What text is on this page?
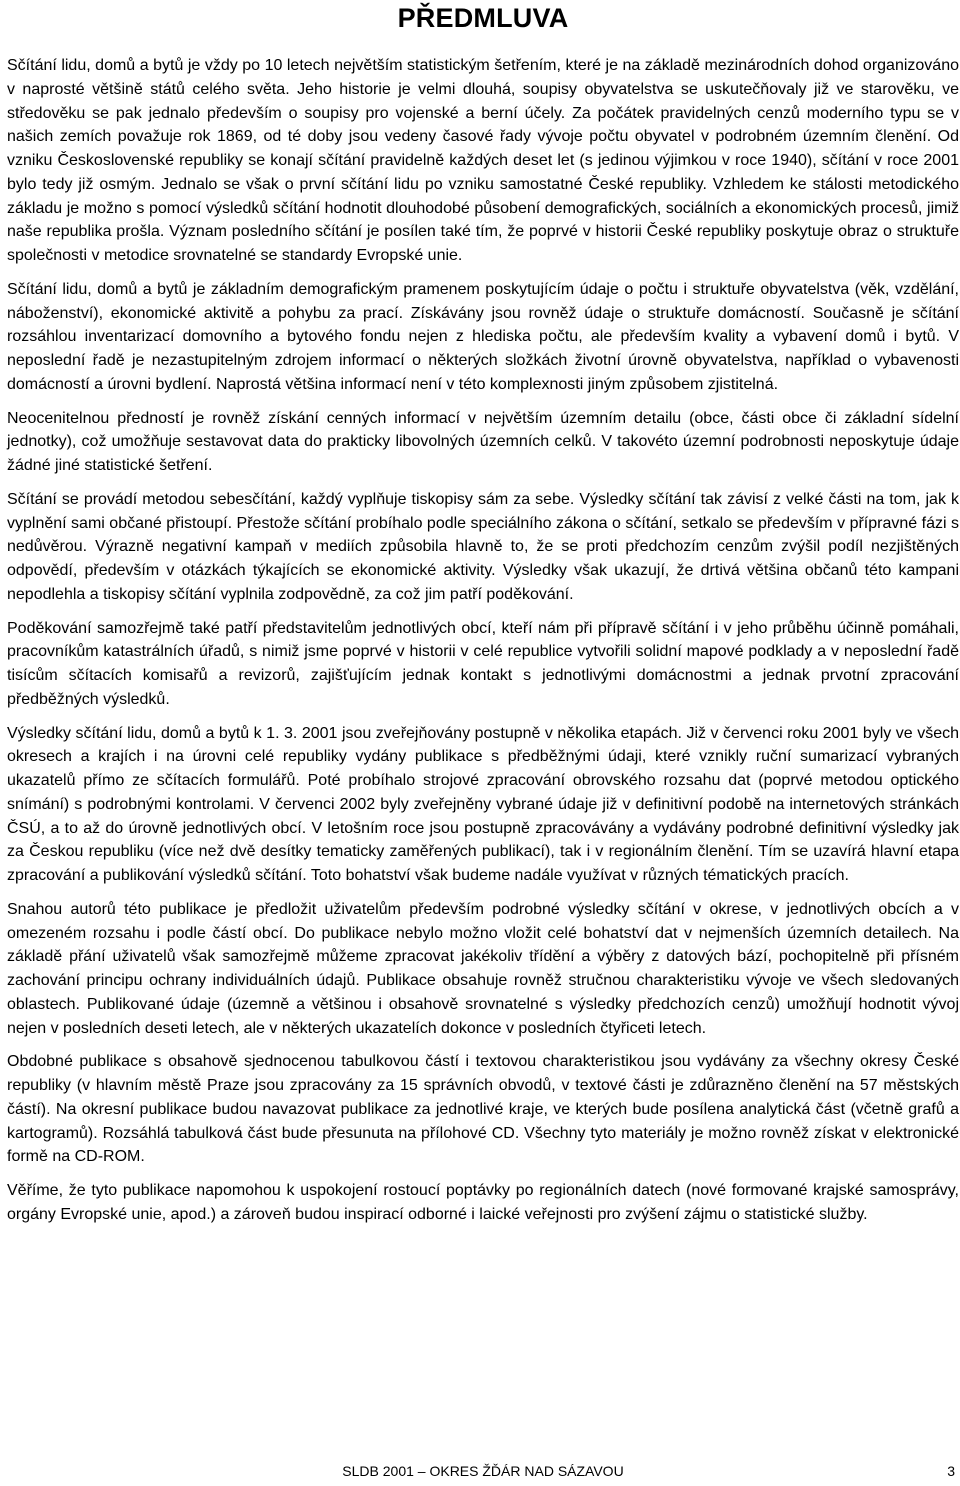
PŘEDMLUVA

Sčítání lidu, domů a bytů je vždy po 10 letech největším statistickým šetřením, které je na základě mezinárodních dohod organizováno v naprosté většině států celého světa. Jeho historie je velmi dlouhá, soupisy obyvatelstva se uskutečňovaly již ve starověku, ve středověku se pak jednalo především o soupisy pro vojenské a berní účely. Za počátek pravidelných cenzů moderního typu se v našich zemích považuje rok 1869, od té doby jsou vedeny časové řady vývoje počtu obyvatel v podrobném územním členění. Od vzniku Československé republiky se konají sčítání pravidelně každých deset let (s jedinou výjimkou v roce 1940), sčítání v roce 2001 bylo tedy již osmým. Jednalo se však o první sčítání lidu po vzniku samostatné České republiky. Vzhledem ke stálosti metodického základu je možno s pomocí výsledků sčítání hodnotit dlouhodobé působení demografických, sociálních a ekonomických procesů, jimiž naše republika prošla. Význam posledního sčítání je posílen také tím, že poprvé v historii České republiky poskytuje obraz o struktuře společnosti v metodice srovnatelné se standardy Evropské unie.

Sčítání lidu, domů a bytů je základním demografickým pramenem poskytujícím údaje o počtu i struktuře obyvatelstva (věk, vzdělání, náboženství), ekonomické aktivitě a pohybu za prací. Získávány jsou rovněž údaje o struktuře domácností. Současně je sčítání rozsáhlou inventarizací domovního a bytového fondu nejen z hlediska počtu, ale především kvality a vybavení domů i bytů. V neposlední řadě je nezastupitelným zdrojem informací o některých složkách životní úrovně obyvatelstva, například o vybavenosti domácností a úrovni bydlení. Naprostá většina informací není v této komplexnosti jiným způsobem zjistitelná.

Neocenitelnou předností je rovněž získání cenných informací v největším územním detailu (obce, části obce či základní sídelní jednotky), což umožňuje sestavovat data do prakticky libovolných územních celků. V takovéto územní podrobnosti neposkytuje údaje žádné jiné statistické šetření.

Sčítání se provádí metodou sebesčítání, každý vyplňuje tiskopisy sám za sebe. Výsledky sčítání tak závisí z velké části na tom, jak k vyplnění sami občané přistoupí. Přestože sčítání probíhalo podle speciálního zákona o sčítání, setkalo se především v přípravné fázi s nedůvěrou. Výrazně negativní kampaň v mediích způsobila hlavně to, že se proti předchozím cenzům zvýšil podíl nezjištěných odpovědí, především v otázkách týkajících se ekonomické aktivity. Výsledky však ukazují, že drtivá většina občanů této kampani nepodlehla a tiskopisy sčítání vyplnila zodpovědně, za což jim patří poděkování.

Poděkování samozřejmě také patří představitelům jednotlivých obcí, kteří nám při přípravě sčítání i v jeho průběhu účinně pomáhali, pracovníkům katastrálních úřadů, s nimiž jsme poprvé v historii v celé republice vytvořili solidní mapové podklady a v neposlední řadě tisícům sčítacích komisařů a revizorů, zajišťujícím jednak kontakt s jednotlivými domácnostmi a jednak prvotní zpracování předběžných výsledků.

Výsledky sčítání lidu, domů a bytů k 1. 3. 2001 jsou zveřejňovány postupně v několika etapách. Již v červenci roku 2001 byly ve všech okresech a krajích i na úrovni celé republiky vydány publikace s předběžnými údaji, které vznikly ruční sumarizací vybraných ukazatelů přímo ze sčítacích formulářů. Poté probíhalo strojové zpracování obrovského rozsahu dat (poprvé metodou optického snímání) s podrobnými kontrolami. V červenci 2002 byly zveřejněny vybrané údaje již v definitivní podobě na internetových stránkách ČSÚ, a to až do úrovně jednotlivých obcí. V letošním roce jsou postupně zpracovávány a vydávány podrobné definitivní výsledky jak za Českou republiku (více než dvě desítky tematicky zaměřených publikací), tak i v regionálním členění. Tím se uzavírá hlavní etapa zpracování a publikování výsledků sčítání. Toto bohatství však budeme nadále využívat v různých tématických pracích.

Snahou autorů této publikace je předložit uživatelům především podrobné výsledky sčítání v okrese, v jednotlivých obcích a v omezeném rozsahu i podle částí obcí. Do publikace nebylo možno vložit celé bohatství dat v nejmenších územních detailech. Na základě přání uživatelů však samozřejmě můžeme zpracovat jakékoliv třídění a výběry z datových bází, pochopitelně při přísném zachování principu ochrany individuálních údajů. Publikace obsahuje rovněž stručnou charakteristiku vývoje ve všech sledovaných oblastech. Publikované údaje (územně a většinou i obsahově srovnatelné s výsledky předchozích cenzů) umožňují hodnotit vývoj nejen v posledních deseti letech, ale v některých ukazatelích dokonce v posledních čtyřiceti letech.

Obdobné publikace s obsahově sjednocenou tabulkovou částí i textovou charakteristikou jsou vydávány za všechny okresy České republiky (v hlavním městě Praze jsou zpracovány za 15 správních obvodů, v textové části je zdůrazněno členění na 57 městských částí). Na okresní publikace budou navazovat publikace za jednotlivé kraje, ve kterých bude posílena analytická část (včetně grafů a kartogramů). Rozsáhlá tabulková část bude přesunuta na přílohové CD. Všechny tyto materiály je možno rovněž získat v elektronické formě na CD-ROM.

Věříme, že tyto publikace napomohou k uspokojení rostoucí poptávky po regionálních datech (nové formované krajské samosprávy, orgány Evropské unie, apod.) a zároveň budou inspirací odborné i laické veřejnosti pro zvýšení zájmu o statistické služby.

SLDB 2001 – OKRES ŽĎÁR NAD SÁZAVOU	3
